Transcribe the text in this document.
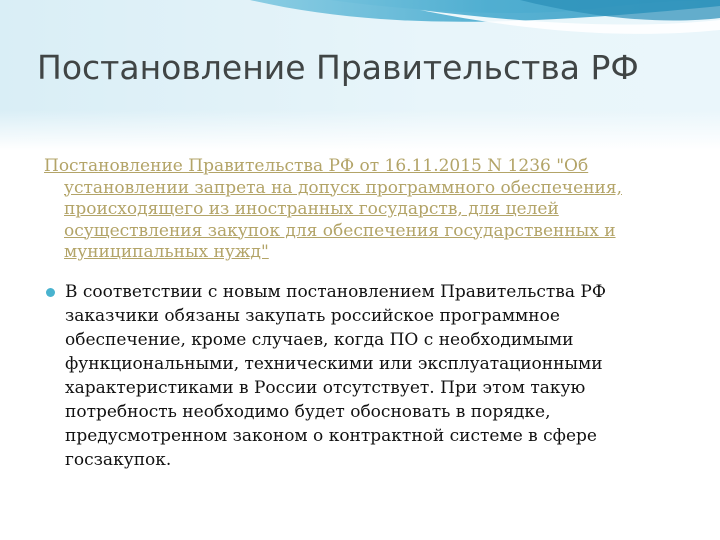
Постановление Правительства РФ
Постановление Правительства РФ от 16.11.2015 N 1236 "Об установлении запрета на допуск программного обеспечения, происходящего из иностранных государств, для целей осуществления закупок для обеспечения государственных и муниципальных нужд"
В соответствии с новым постановлением Правительства РФ заказчики обязаны закупать российское программное обеспечение, кроме случаев, когда ПО с необходимыми функциональными, техническими или эксплуатационными характеристиками в России отсутствует. При этом такую потребность необходимо будет обосновать в порядке, предусмотренном законом о контрактной системе в сфере госзакупок.
